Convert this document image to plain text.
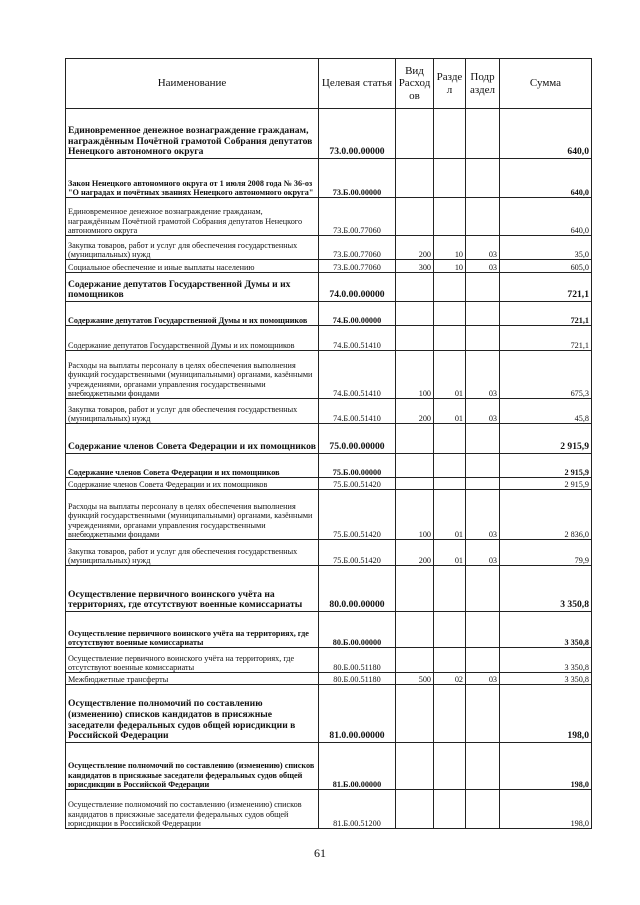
Наименование	Целевая статья	Вид Расход ов	Разде л	Подр аздел	Сумма
Единовременное денежное вознаграждение гражданам, награждённым Почётной грамотой Собрания депутатов Ненецкого автономного округа	73.0.00.00000				640,0
Закон Ненецкого автономного округа от 1 июля 2008 года № 36-оз "О наградах и почётных званиях Ненецкого автономного округа"	73.Б.00.00000				640,0
Единовременное денежное вознаграждение гражданам, награждённым Почётной грамотой Собрания депутатов Ненецкого автономного округа	73.Б.00.77060				640,0
Закупка товаров, работ и услуг для обеспечения государственных (муниципальных) нужд	73.Б.00.77060	200	10	03	35,0
Социальное обеспечение и иные выплаты населению	73.Б.00.77060	300	10	03	605,0
Содержание депутатов Государственной Думы и их помощников	74.0.00.00000				721,1
Содержание депутатов Государственной Думы и их помощников	74.Б.00.00000				721,1
Содержание депутатов Государственной Думы и их помощников	74.Б.00.51410				721,1
Расходы на выплаты персоналу в целях обеспечения выполнения функций государственными (муниципальными) органами, казёнными учреждениями, органами управления государственными внебюджетными фондами	74.Б.00.51410	100	01	03	675,3
Закупка товаров, работ и услуг для обеспечения государственных (муниципальных) нужд	74.Б.00.51410	200	01	03	45,8
Содержание членов Совета Федерации и их помощников	75.0.00.00000				2 915,9
Содержание членов Совета Федерации и их помощников	75.Б.00.00000				2 915,9
Содержание членов Совета Федерации и их помощников	75.Б.00.51420				2 915,9
Расходы на выплаты персоналу в целях обеспечения выполнения функций государственными (муниципальными) органами, казёнными учреждениями, органами управления государственными внебюджетными фондами	75.Б.00.51420	100	01	03	2 836,0
Закупка товаров, работ и услуг для обеспечения государственных (муниципальных) нужд	75.Б.00.51420	200	01	03	79,9
Осуществление первичного воинского учёта на территориях, где отсутствуют военные комиссариаты	80.0.00.00000				3 350,8
Осуществление первичного воинского учёта на территориях, где отсутствуют военные комиссариаты	80.Б.00.00000				3 350,8
Осуществление первичного воинского учёта на территориях, где отсутствуют военные комиссариаты	80.Б.00.51180				3 350,8
Межбюджетные трансферты	80.Б.00.51180	500	02	03	3 350,8
Осуществление полномочий по составлению (изменению) списков кандидатов в присяжные заседатели федеральных судов общей юрисдикции в Российской Федерации	81.0.00.00000				198,0
Осуществление полномочий по составлению (изменению) списков кандидатов в присяжные заседатели федеральных судов общей юрисдикции в Российской Федерации	81.Б.00.00000				198,0
Осуществление полномочий по составлению (изменению) списков кандидатов в присяжные заседатели федеральных судов общей юрисдикции в Российской Федерации	81.Б.00.51200				198,0
61
